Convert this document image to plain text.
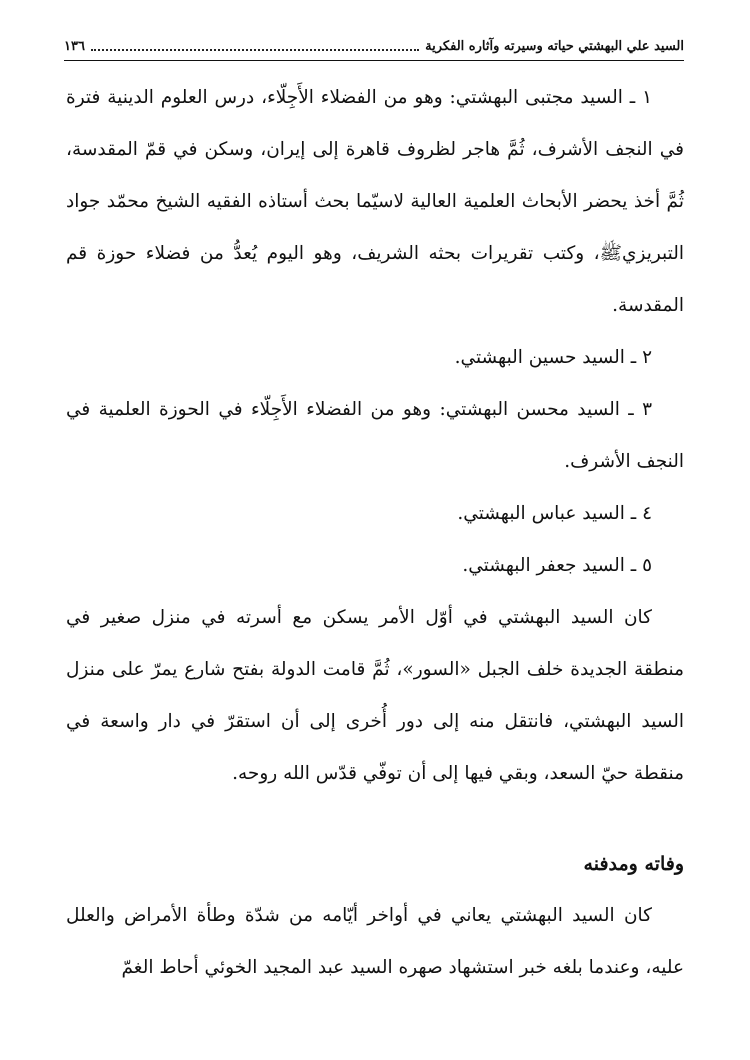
السيد علي البهشتي حياته وسيرته وآثاره الفكرية
١٣٦

١ ـ السيد مجتبى البهشتي: وهو من الفضلاء الأَجِلّاء، درس العلوم الدينية فترة في النجف الأشرف، ثُمَّ هاجر لظروف قاهرة إلى إيران، وسكن في قمّ المقدسة، ثُمَّ أخذ يحضر الأبحاث العلمية العالية لاسيّما بحث أستاذه الفقيه الشيخ محمّد جواد التبريزي‌ﷺ، وكتب تقريرات بحثه الشريف، وهو اليوم يُعدُّ من فضلاء حوزة قم المقدسة.

٢ ـ السيد حسين البهشتي.

٣ ـ السيد محسن البهشتي: وهو من الفضلاء الأَجِلّاء في الحوزة العلمية في النجف الأشرف.

٤ ـ السيد عباس البهشتي.

٥ ـ السيد جعفر البهشتي.

كان السيد البهشتي في أوّل الأمر يسكن مع أسرته في منزل صغير في منطقة الجديدة خلف الجبل «السور»، ثُمَّ قامت الدولة بفتح شارع يمرّ على منزل السيد البهشتي، فانتقل منه إلى دور أُخرى إلى أن استقرّ في دار واسعة في منقطة حيّ السعد، وبقي فيها إلى أن توفّي قدّس الله روحه.

وفاته ومدفنه

كان السيد البهشتي يعاني في أواخر أيّامه من شدّة وطأة الأمراض والعلل عليه، وعندما بلغه خبر استشهاد صهره السيد عبد المجيد الخوئي أحاط الغمّ
